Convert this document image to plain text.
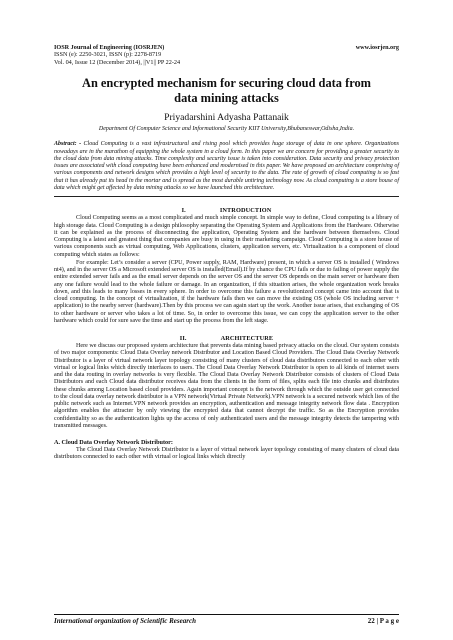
IOSR Journal of Engineering (IOSRJEN)	www.iosrjen.org
ISSN (e): 2250-3021, ISSN (p): 2278-8719
Vol. 04, Issue 12 (December 2014), ||V1|| PP 22-24
An encrypted mechanism for securing cloud data from data mining attacks
Priyadarshini Adyasha Pattanaik
Department Of Computer Science and Informational Security KIIT University,Bhubaneswar,Odisha,India.
Abstract: - Cloud Computing is a vast infrastructural and rising pool which provides huge storage of data in one sphere. Organizations nowadays are in the marathon of equipping the whole system in a cloud form. In this paper we are concern for providing a greater security to the cloud data from data mining attacks. Time complexity and security issue is taken into consideration. Data security and privacy protection issues are associated with cloud computing have been enhanced and modernised in this paper. We have proposed an architecture comprising of various components and network designs which provides a high level of security to the data. The rate of growth of cloud computing is so fast that it has already put its head in the mortar and is spread as the most durable untiring technology now. As cloud computing is a store house of data which might get affected by data mining attacks so we have launched this architecture.
I.	INTRODUCTION

Cloud Computing seems as a most complicated and much simple concept. In simple way to define, Cloud computing is a library of high storage data. Cloud Computing is a design philosophy separating the Operating System and Applications from the Hardware. Otherwise it can be explained as the process of disconnecting the application, Operating System and the hardware between themselves. Cloud Computing is a latest and greatest thing that companies are busy in using in their marketing campaign. Cloud Computing is a store house of various components such as virtual computing, Web Applications, clusters, application servers, etc. Virtualization is a component of cloud computing which states as follows:

For example: Let’s consider a server (CPU, Power supply, RAM, Hardware) present, in which a server OS is installed ( Windows nt4), and in the server OS a Microsoft extended server OS is installed(Email).If by chance the CPU fails or due to failing of power supply the entire extended server fails and as the email server depends on the server OS and the server OS depends on the main server or hardware then any one failure would lead to the whole failure or damage. In an organization, if this situation arises, the whole organization work breaks down, and this leads to many losses in every sphere. In order to overcome this failure a revolutionized concept came into account that is cloud computing. In the concept of virtualization, if the hardware fails then we can move the existing OS (whole OS including server + application) to the nearby server (hardware).Then by this process we can again start up the work. Another issue arises, that exchanging of OS to other hardware or server who takes a lot of time. So, in order to overcome this issue, we can copy the application server to the other hardware which could for sure save the time and start up the process from the left stage.

II.	ARCHITECTURE

Here we discuss our proposed system architecture that prevents data mining based privacy attacks on the cloud. Our system consists of two major components: Cloud Data Overlay network Distributor and Location Based Cloud Providers. The Cloud Data Overlay Network Distributor is a layer of virtual network layer topology consisting of many clusters of cloud data distributors connected to each other with virtual or logical links which directly interfaces to users. The Cloud Data Overlay Network Distributor is open to all kinds of internet users and the data routing in overlay networks is very flexible. The Cloud Data Overlay Network Distributor consists of clusters of Cloud Data Distributors and each Cloud data distributor receives data from the clients in the form of files, splits each file into chunks and distributes these chunks among Location based cloud providers. Again important concept is the network through which the outside user get connected to the cloud data overlay network distributor is a VPN network(Virtual Private Network).VPN network is a secured network which lies of the public network such as Internet.VPN network provides an encryption, authentication and message integrity network flow data . Encryption algorithm enables the attracter by only viewing the encrypted data that cannot decrypt the traffic. So as the Encryption provides confidentiality so as the authentication lights up the access of only authenticated users and the message integrity detects the tampering with transmitted messages.

A. Cloud Data Overlay Network Distributor:

The Cloud Data Overlay Network Distributor is a layer of virtual network layer topology consisting of many clusters of cloud data distributors connected to each other with virtual or logical links which directly

International organization of Scientific Research	22 | P a g e
